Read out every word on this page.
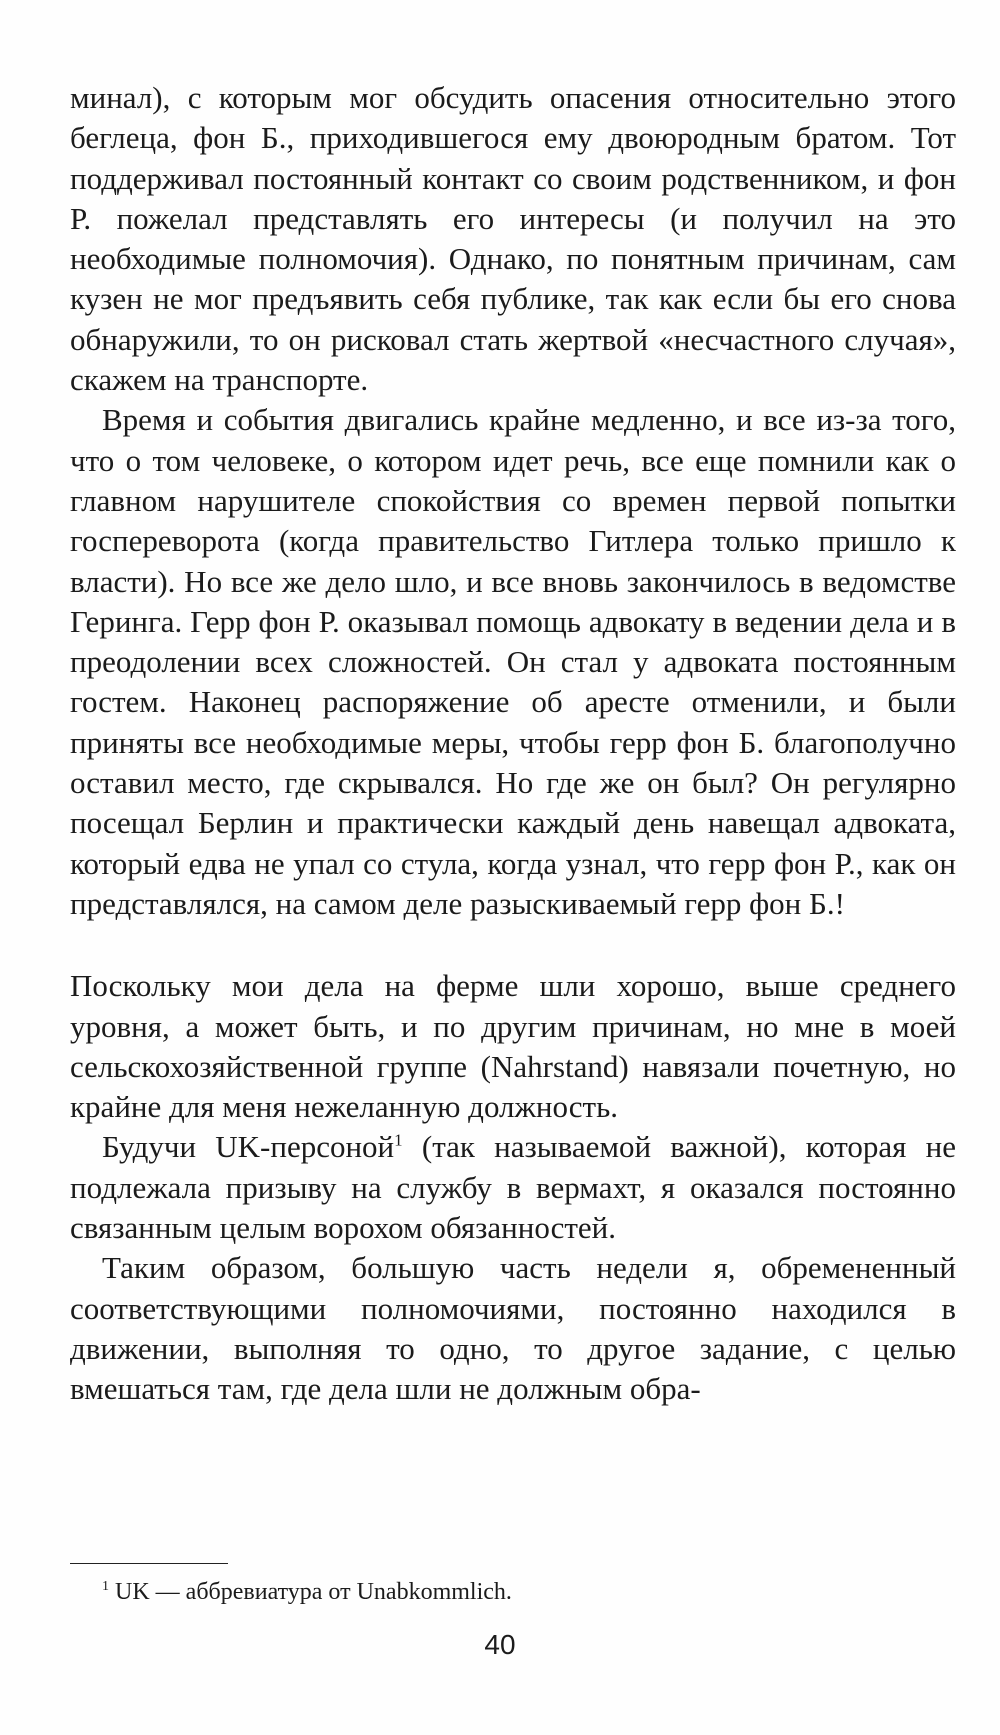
минал), с которым мог обсудить опасения относительно этого беглеца, фон Б., приходившегося ему двоюродным братом. Тот поддерживал постоянный контакт со своим родственником, и фон Р. пожелал представлять его интересы (и получил на это необходимые полномочия). Однако, по понятным причинам, сам кузен не мог предъявить себя публике, так как если бы его снова обнаружили, то он рисковал стать жертвой «несчастного случая», скажем на транспорте.

Время и события двигались крайне медленно, и все из-за того, что о том человеке, о котором идет речь, все еще помнили как о главном нарушителе спокойствия со времен первой попытки госпереворота (когда правительство Гитлера только пришло к власти). Но все же дело шло, и все вновь закончилось в ведомстве Геринга. Герр фон Р. оказывал помощь адвокату в ведении дела и в преодолении всех сложностей. Он стал у адвоката постоянным гостем. Наконец распоряжение об аресте отменили, и были приняты все необходимые меры, чтобы герр фон Б. благополучно оставил место, где скрывался. Но где же он был? Он регулярно посещал Берлин и практически каждый день навещал адвоката, который едва не упал со стула, когда узнал, что герр фон Р., как он представлялся, на самом деле разыскиваемый герр фон Б.!

Поскольку мои дела на ферме шли хорошо, выше среднего уровня, а может быть, и по другим причинам, но мне в моей сельскохозяйственной группе (Nahrstand) навязали почетную, но крайне для меня нежеланную должность.

Будучи UK-персоной$^1$ (так называемой важной), которая не подлежала призыву на службу в вермахт, я оказался постоянно связанным целым ворохом обязанностей.

Таким образом, большую часть недели я, обремененный соответствующими полномочиями, постоянно находился в движении, выполняя то одно, то другое задание, с целью вмешаться там, где дела шли не должным обра-

$^1$ UK — аббревиатура от Unabkommlich.

40
